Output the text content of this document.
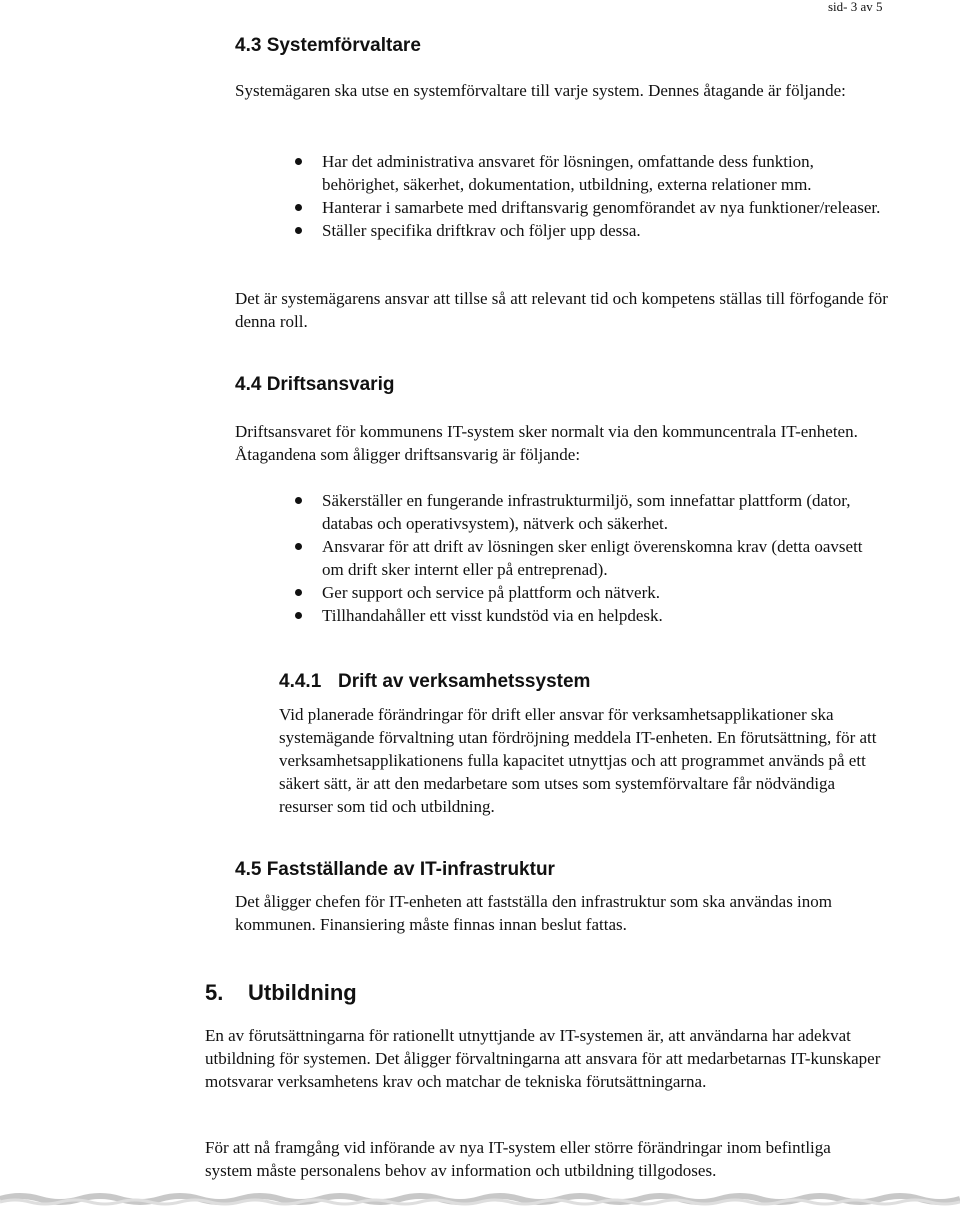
sid- 3 av 5
4.3 Systemförvaltare

Systemägaren ska utse en systemförvaltare till varje system. Dennes åtagande är följande:

Har det administrativa ansvaret för lösningen, omfattande dess funktion, behörighet, säkerhet, dokumentation, utbildning, externa relationer mm.
Hanterar i samarbete med driftansvarig genomförandet av nya funktioner/releaser.
Ställer specifika driftkrav och följer upp dessa.

Det är systemägarens ansvar att tillse så att relevant tid och kompetens ställas till förfogande för denna roll.

4.4 Driftsansvarig

Driftsansvaret för kommunens IT-system sker normalt via den kommuncentrala IT-enheten. Åtagandena som åligger driftsansvarig är följande:

Säkerställer en fungerande infrastrukturmiljö, som innefattar plattform (dator, databas och operativsystem), nätverk och säkerhet.
Ansvarar för att drift av lösningen sker enligt överenskomna krav (detta oavsett om drift sker internt eller på entreprenad).
Ger support och service på plattform och nätverk.
Tillhandahåller ett visst kundstöd via en helpdesk.
4.4.1 Drift av verksamhetssystem

Vid planerade förändringar för drift eller ansvar för verksamhetsapplikationer ska systemägande förvaltning utan fördröjning meddela IT-enheten. En förutsättning, för att verksamhetsapplikationens fulla kapacitet utnyttjas och att programmet används på ett säkert sätt, är att den medarbetare som utses som systemförvaltare får nödvändiga resurser som tid och utbildning.

4.5 Fastställande av IT-infrastruktur

Det åligger chefen för IT-enheten att fastställa den infrastruktur som ska användas inom kommunen. Finansiering måste finnas innan beslut fattas.

5. Utbildning

En av förutsättningarna för rationellt utnyttjande av IT-systemen är, att användarna har adekvat utbildning för systemen. Det åligger förvaltningarna att ansvara för att medarbetarnas IT-kunskaper motsvarar verksamhetens krav och matchar de tekniska förutsättningarna.

För att nå framgång vid införande av nya IT-system eller större förändringar inom befintliga system måste personalens behov av information och utbildning tillgodoses.
